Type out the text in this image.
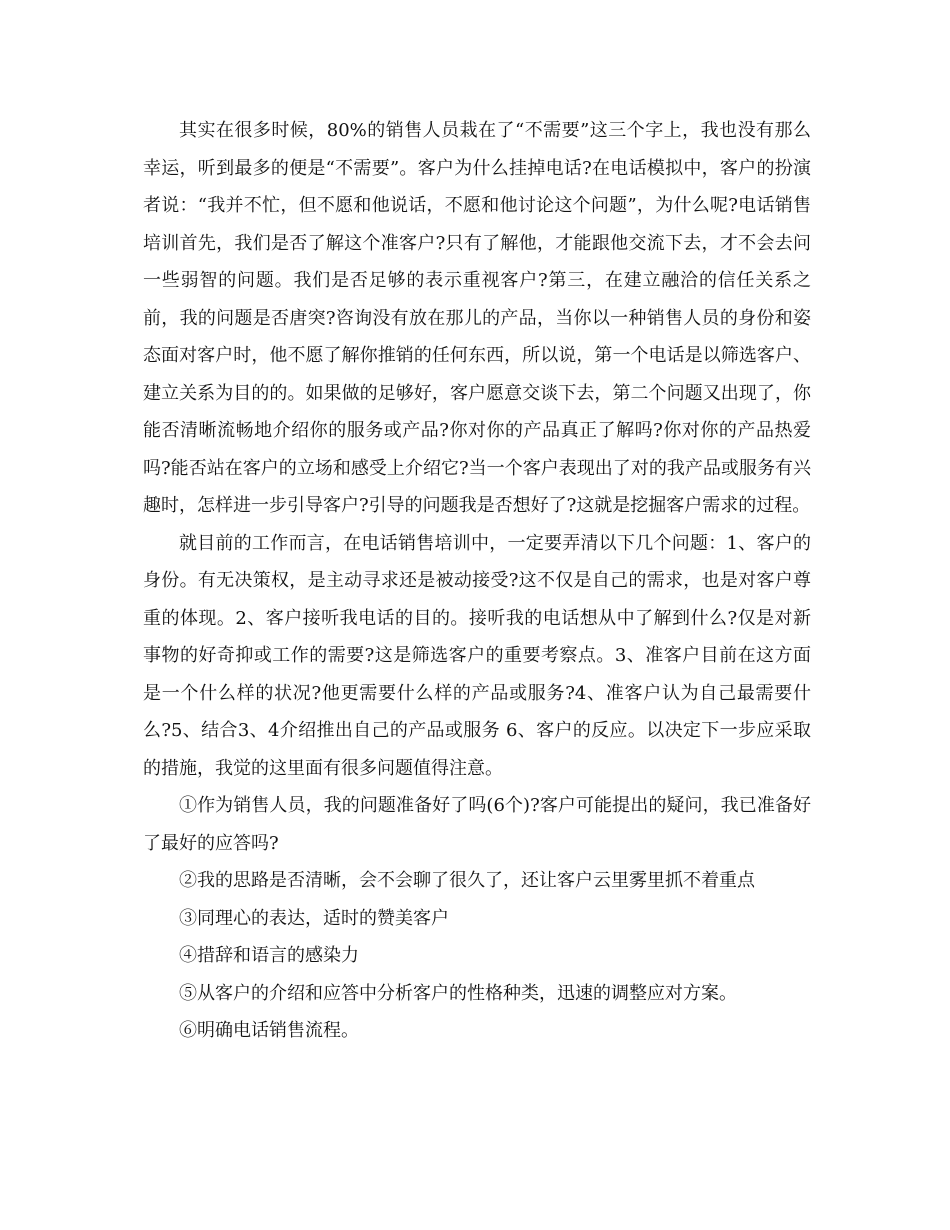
其实在很多时候，80%的销售人员栽在了“不需要”这三个字上，我也没有那么幸运，听到最多的便是“不需要”。客户为什么挂掉电话?在电话模拟中，客户的扮演者说：“我并不忙，但不愿和他说话，不愿和他讨论这个问题”，为什么呢?电话销售培训首先，我们是否了解这个准客户?只有了解他，才能跟他交流下去，才不会去问一些弱智的问题。我们是否足够的表示重视客户?第三，在建立融洽的信任关系之前，我的问题是否唐突?咨询没有放在那儿的产品，当你以一种销售人员的身份和姿态面对客户时，他不愿了解你推销的任何东西，所以说，第一个电话是以筛选客户、建立关系为目的的。如果做的足够好，客户愿意交谈下去，第二个问题又出现了，你能否清晰流畅地介绍你的服务或产品?你对你的产品真正了解吗?你对你的产品热爱吗?能否站在客户的立场和感受上介绍它?当一个客户表现出了对的我产品或服务有兴趣时，怎样进一步引导客户?引导的问题我是否想好了?这就是挖掘客户需求的过程。

就目前的工作而言，在电话销售培训中，一定要弄清以下几个问题：1、客户的身份。有无决策权，是主动寻求还是被动接受?这不仅是自己的需求，也是对客户尊重的体现。2、客户接听我电话的目的。接听我的电话想从中了解到什么?仅是对新事物的好奇抑或工作的需要?这是筛选客户的重要考察点。3、准客户目前在这方面是一个什么样的状况?他更需要什么样的产品或服务?4、准客户认为自己最需要什么?5、结合3、4介绍推出自己的产品或服务 6、客户的反应。以决定下一步应采取的措施，我觉的这里面有很多问题值得注意。

①作为销售人员，我的问题准备好了吗(6个)?客户可能提出的疑问，我已准备好了最好的应答吗?

②我的思路是否清晰，会不会聊了很久了，还让客户云里雾里抓不着重点

③同理心的表达，适时的赞美客户

④措辞和语言的感染力

⑤从客户的介绍和应答中分析客户的性格种类，迅速的调整应对方案。

⑥明确电话销售流程。
